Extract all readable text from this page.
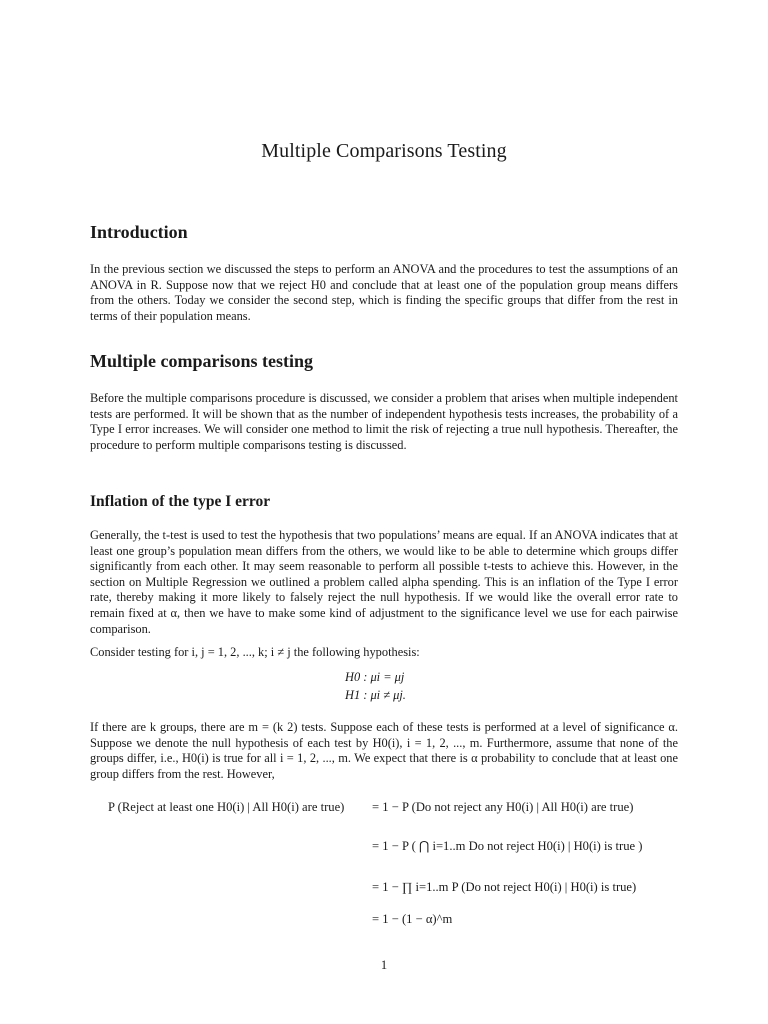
Multiple Comparisons Testing
Introduction
In the previous section we discussed the steps to perform an ANOVA and the procedures to test the assumptions of an ANOVA in R. Suppose now that we reject H0 and conclude that at least one of the population group means differs from the others. Today we consider the second step, which is finding the specific groups that differ from the rest in terms of their population means.
Multiple comparisons testing
Before the multiple comparisons procedure is discussed, we consider a problem that arises when multiple independent tests are performed. It will be shown that as the number of independent hypothesis tests increases, the probability of a Type I error increases. We will consider one method to limit the risk of rejecting a true null hypothesis. Thereafter, the procedure to perform multiple comparisons testing is discussed.
Inflation of the type I error
Generally, the t-test is used to test the hypothesis that two populations’ means are equal. If an ANOVA indicates that at least one group’s population mean differs from the others, we would like to be able to determine which groups differ significantly from each other. It may seem reasonable to perform all possible t-tests to achieve this. However, in the section on Multiple Regression we outlined a problem called alpha spending. This is an inflation of the Type I error rate, thereby making it more likely to falsely reject the null hypothesis. If we would like the overall error rate to remain fixed at α, then we have to make some kind of adjustment to the significance level we use for each pairwise comparison.
Consider testing for i, j = 1, 2, ..., k; i ≠ j the following hypothesis:
H0 : μi = μj
H1 : μi ≠ μj.
If there are k groups, there are m = (k 2) tests. Suppose each of these tests is performed at a level of significance α. Suppose we denote the null hypothesis of each test by H0(i), i = 1, 2, ..., m. Furthermore, assume that none of the groups differ, i.e., H0(i) is true for all i = 1, 2, ..., m. We expect that there is α probability to conclude that at least one group differs from the rest. However,
P (Reject at least one H0(i) | All H0(i) are true) = 1 − P (Do not reject any H0(i) | All H0(i) are true)
= 1 − P ( ⋂ i=1..m Do not reject H0(i) | H0(i) is true )
= 1 − ∏ i=1..m P (Do not reject H0(i) | H0(i) is true)
= 1 − (1 − α)^m
1
